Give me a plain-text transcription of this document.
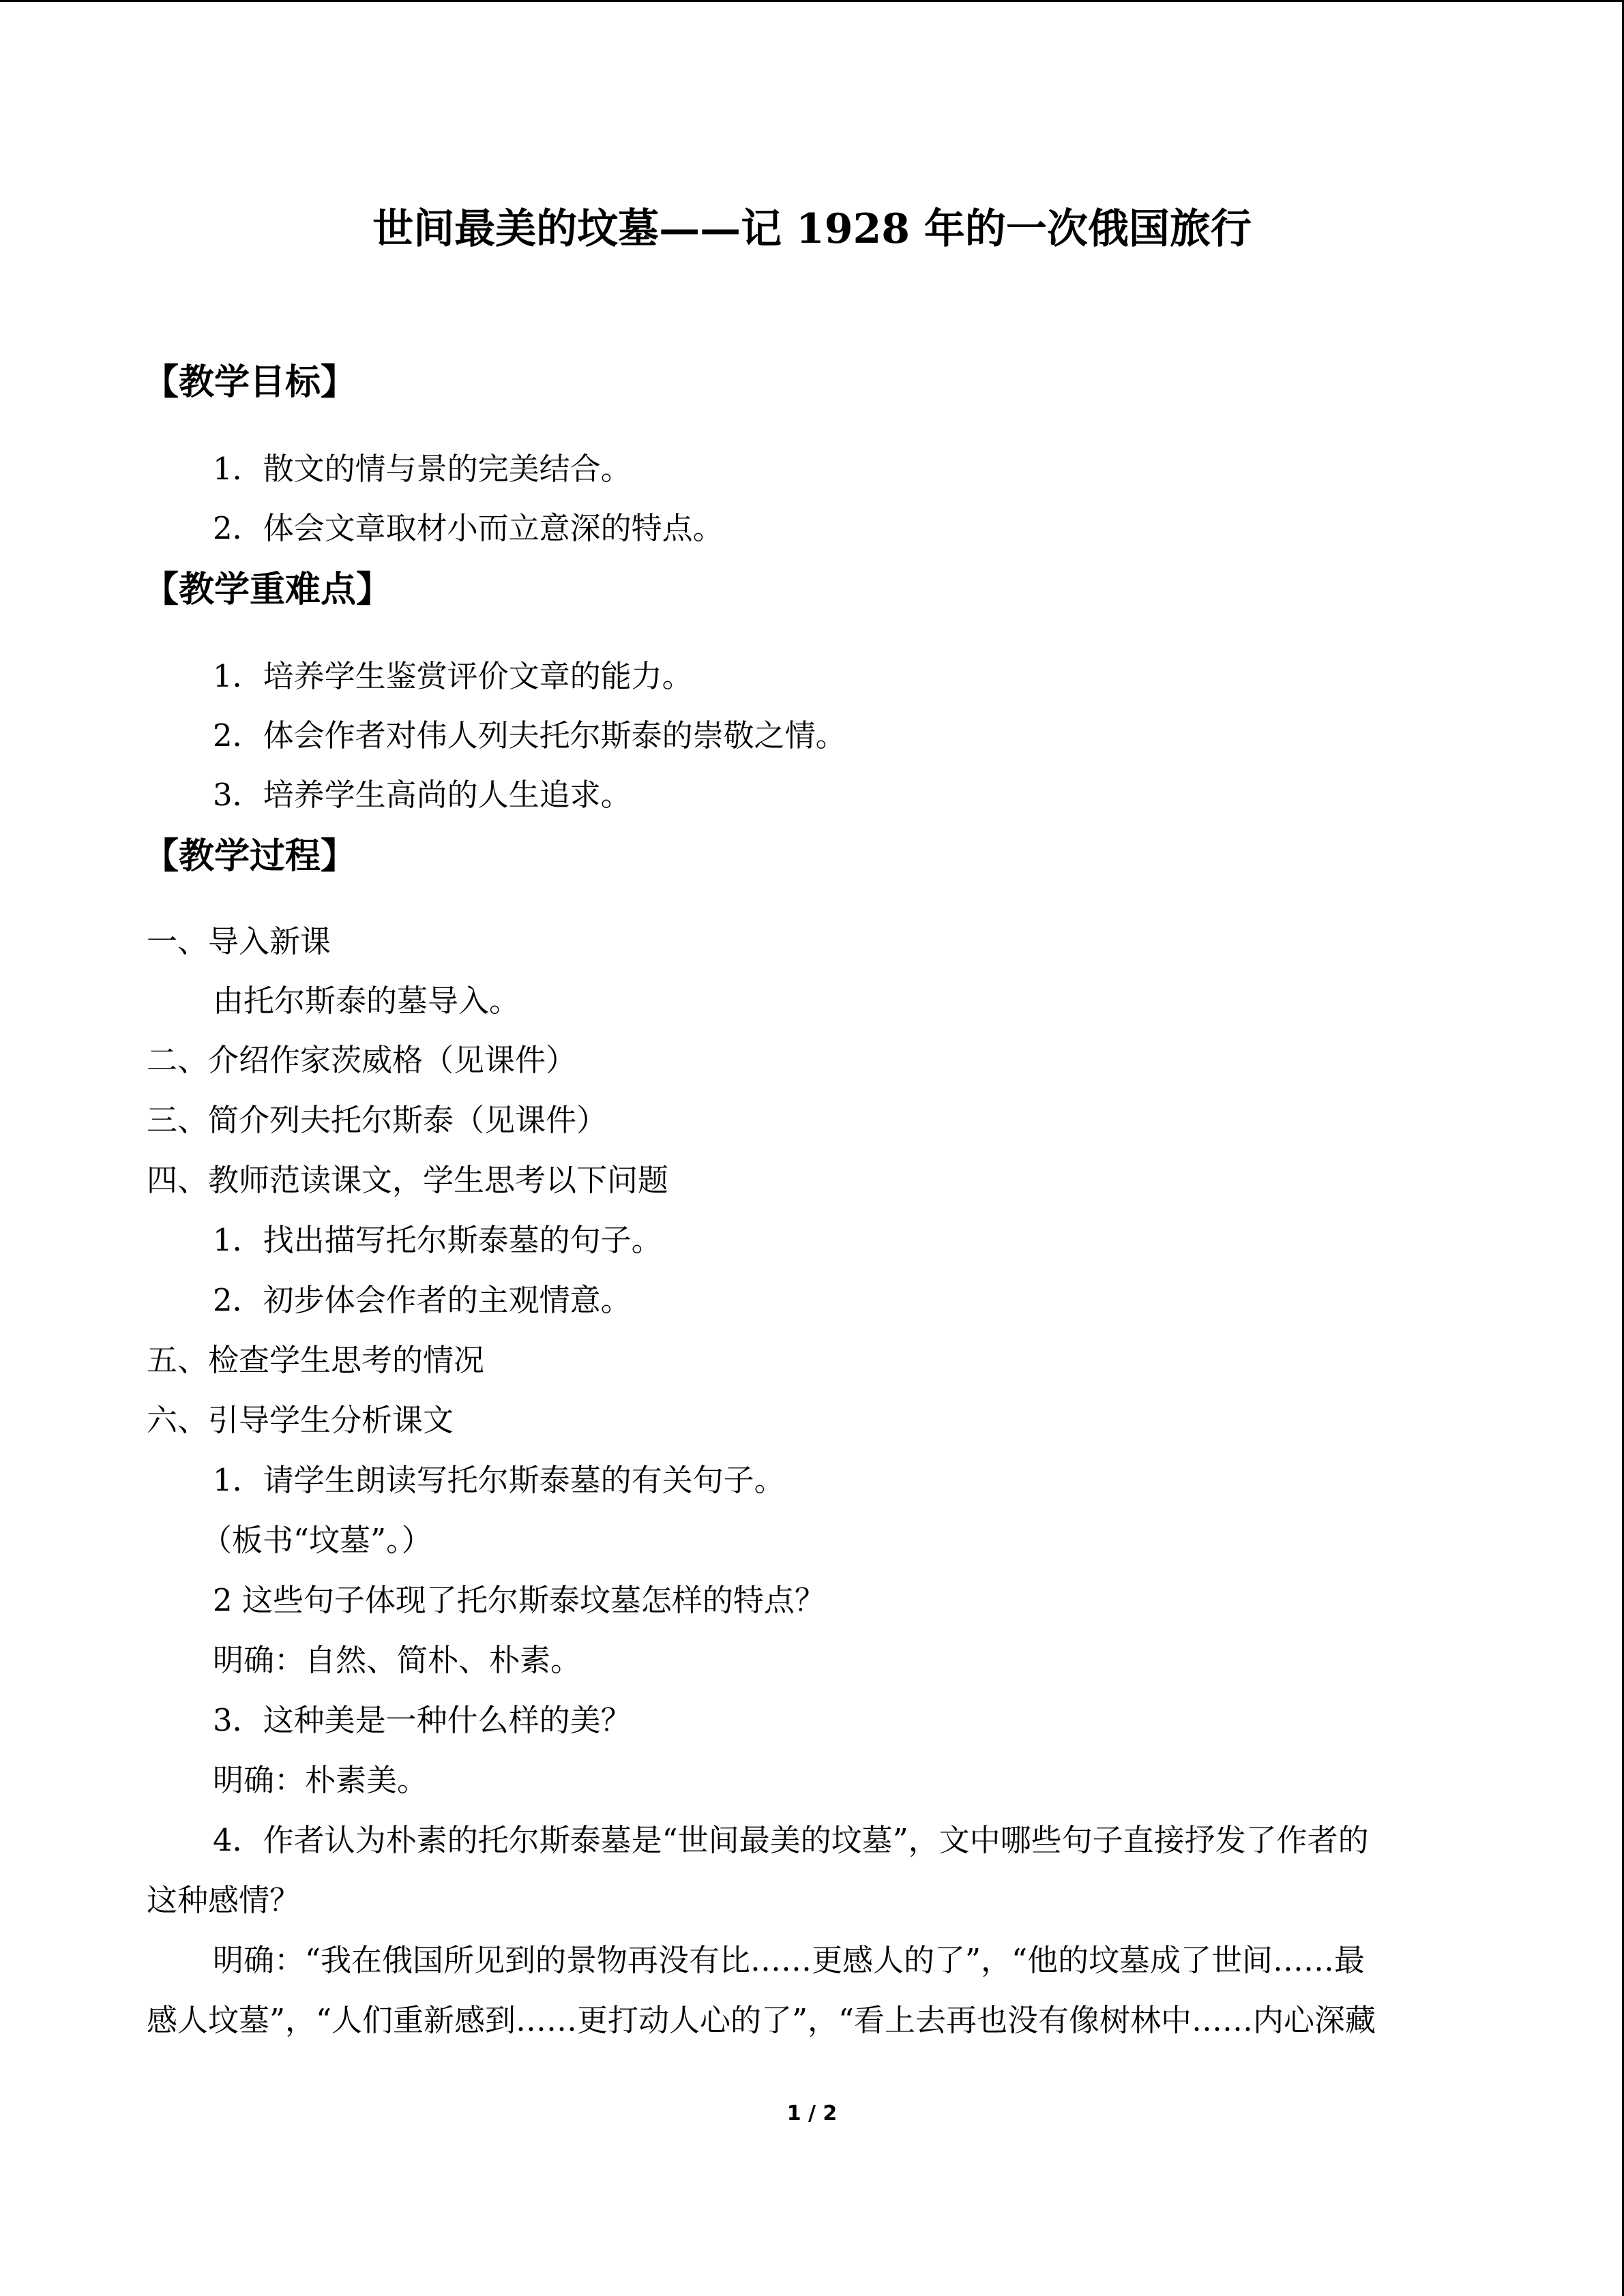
世间最美的坟墓——记 1928 年的一次俄国旅行
【教学目标】
1．散文的情与景的完美结合。
2．体会文章取材小而立意深的特点。
【教学重难点】
1．培养学生鉴赏评价文章的能力。
2．体会作者对伟人列夫托尔斯泰的崇敬之情。
3．培养学生高尚的人生追求。
【教学过程】
一、导入新课
由托尔斯泰的墓导入。
二、介绍作家茨威格（见课件）
三、简介列夫托尔斯泰（见课件）
四、教师范读课文，学生思考以下问题
1．找出描写托尔斯泰墓的句子。
2．初步体会作者的主观情意。
五、检查学生思考的情况
六、引导学生分析课文
1．请学生朗读写托尔斯泰墓的有关句子。
（板书“坟墓”。）
2 这些句子体现了托尔斯泰坟墓怎样的特点？
明确：自然、简朴、朴素。
3．这种美是一种什么样的美？
明确：朴素美。
4．作者认为朴素的托尔斯泰墓是“世间最美的坟墓”，文中哪些句子直接抒发了作者的
这种感情？
明确：“我在俄国所见到的景物再没有比……更感人的了”，“他的坟墓成了世间……最
感人坟墓”，“人们重新感到……更打动人心的了”，“看上去再也没有像树林中……内心深藏
1 / 2
